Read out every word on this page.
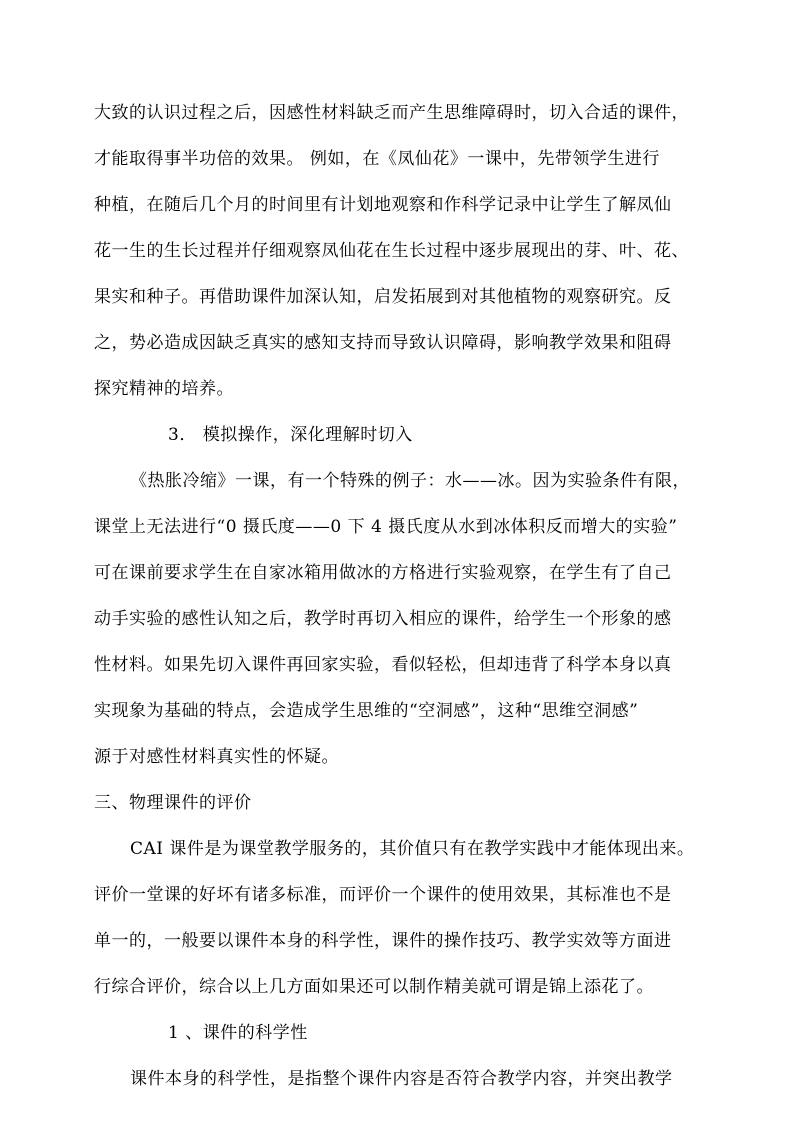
大致的认识过程之后，因感性材料缺乏而产生思维障碍时，切入合适的课件，
才能取得事半功倍的效果。 例如，在《凤仙花》一课中，先带领学生进行
种植，在随后几个月的时间里有计划地观察和作科学记录中让学生了解凤仙
花一生的生长过程并仔细观察凤仙花在生长过程中逐步展现出的芽、叶、花、
果实和种子。再借助课件加深认知，启发拓展到对其他植物的观察研究。反
之，势必造成因缺乏真实的感知支持而导致认识障碍，影响教学效果和阻碍
探究精神的培养。
3． 模拟操作，深化理解时切入
《热胀冷缩》一课，有一个特殊的例子：水——冰。因为实验条件有限，
课堂上无法进行“0 摄氏度——0 下 4 摄氏度从水到冰体积反而增大的实验”
可在课前要求学生在自家冰箱用做冰的方格进行实验观察，在学生有了自己
动手实验的感性认知之后，教学时再切入相应的课件，给学生一个形象的感
性材料。如果先切入课件再回家实验，看似轻松，但却违背了科学本身以真
实现象为基础的特点，会造成学生思维的“空洞感”，这种“思维空洞感”
源于对感性材料真实性的怀疑。
三、物理课件的评价
CAI 课件是为课堂教学服务的，其价值只有在教学实践中才能体现出来。
评价一堂课的好坏有诸多标准，而评价一个课件的使用效果，其标准也不是
单一的，一般要以课件本身的科学性，课件的操作技巧、教学实效等方面进
行综合评价，综合以上几方面如果还可以制作精美就可谓是锦上添花了。
1 、课件的科学性
课件本身的科学性，是指整个课件内容是否符合教学内容，并突出教学
